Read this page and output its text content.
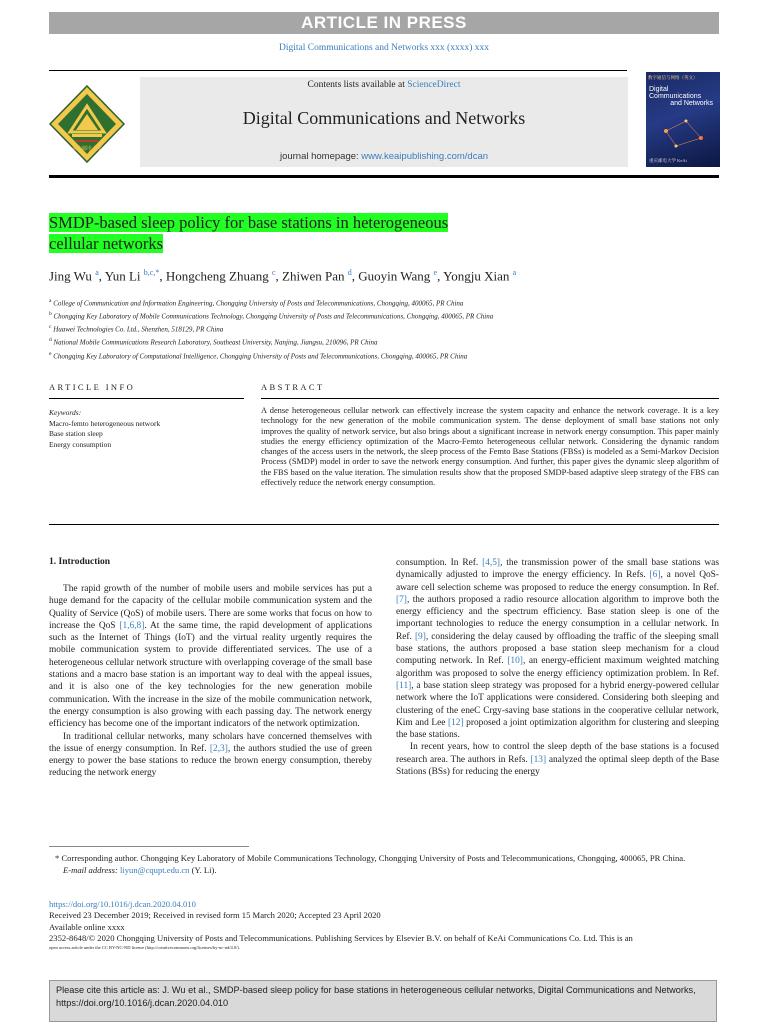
ARTICLE IN PRESS
Digital Communications and Networks xxx (xxxx) xxx
Contents lists available at ScienceDirect
Digital Communications and Networks
journal homepage: www.keaipublishing.com/dcan
重庆邮电大学
数字通信与网络（英文）
Digital Communications
and Networks
重庆邮电大学 KeAi
SMDP-based sleep policy for base stations in heterogeneous
cellular networks
Jing Wu $^a$, Yun Li $^{b,c,*}$, Hongcheng Zhuang $^c$, Zhiwen Pan $^d$, Guoyin Wang $^e$, Yongju Xian $^a$
$^a$ College of Communication and Information Engineering, Chongqing University of Posts and Telecommunications, Chongqing, 400065, PR China
$^b$ Chongqing Key Laboratory of Mobile Communications Technology, Chongqing University of Posts and Telecommunications, Chongqing, 400065, PR China
$^c$ Huawei Technologies Co. Ltd., Shenzhen, 518129, PR China
$^d$ National Mobile Communications Research Laboratory, Southeast University, Nanjing, Jiangsu, 210096, PR China
$^e$ Chongqing Key Laboratory of Computational Intelligence, Chongqing University of Posts and Telecommunications, Chongqing, 400065, PR China
ARTICLE INFO	ABSTRACT
Keywords:
Macro-femto heterogeneous network
Base station sleep
Energy consumption
A dense heterogeneous cellular network can effectively increase the system capacity and enhance the network coverage. It is a key technology for the new generation of the mobile communication system. The dense deployment of small base stations not only improves the quality of network service, but also brings about a significant increase in network energy consumption. This paper mainly studies the energy efficiency optimization of the Macro-Femto heterogeneous cellular network. Considering the dynamic random changes of the access users in the network, the sleep process of the Femto Base Stations (FBSs) is modeled as a Semi-Markov Decision Process (SMDP) model in order to save the network energy consumption. And further, this paper gives the dynamic sleep algorithm of the FBS based on the value iteration. The simulation results show that the proposed SMDP-based adaptive sleep strategy of the FBS can effectively reduce the network energy consumption.
1. Introduction

The rapid growth of the number of mobile users and mobile services has put a huge demand for the capacity of the cellular mobile communication system and the Quality of Service (QoS) of mobile users. There are some works that focus on how to increase the QoS [1,6,8]. At the same time, the rapid development of applications such as the Internet of Things (IoT) and the virtual reality urgently requires the mobile communication system to provide differentiated services. The use of a heterogeneous cellular network structure with overlapping coverage of the small base stations and a macro base station is an important way to deal with the appeal issues, and it is also one of the key technologies for the new generation mobile communication. With the increase in the size of the mobile communication network, the energy consumption is also growing with each passing day. The network energy efficiency has become one of the important indicators of the network optimization.

In traditional cellular networks, many scholars have concerned themselves with the issue of energy consumption. In Ref. [2,3], the authors studied the use of green energy to power the base stations to reduce the brown energy consumption, thereby reducing the network energy

consumption. In Ref. [4,5], the transmission power of the small base stations was dynamically adjusted to improve the energy efficiency. In Refs. [6], a novel QoS-aware cell selection scheme was proposed to reduce the energy consumption. In Ref. [7], the authors proposed a radio resource allocation algorithm to improve both the energy efficiency and the spectrum efficiency. Base station sleep is one of the important technologies to reduce the energy consumption in a cellular network. In Ref. [9], considering the delay caused by offloading the traffic of the sleeping small base stations, the authors proposed a base station sleep mechanism for a cloud computing network. In Ref. [10], an energy-efficient maximum weighted matching algorithm was proposed to solve the energy efficiency optimization problem. In Ref. [11], a base station sleep strategy was proposed for a hybrid energy-powered cellular network where the IoT applications were considered. Considering both sleeping and clustering of the eneC Crgy-saving base stations in the cooperative cellular network, Kim and Lee [12] proposed a joint optimization algorithm for clustering and sleeping the base stations.

In recent years, how to control the sleep depth of the base stations is a focused research area. The authors in Refs. [13] analyzed the optimal sleep depth of the Base Stations (BSs) for reducing the energy

* Corresponding author. Chongqing Key Laboratory of Mobile Communications Technology, Chongqing University of Posts and Telecommunications, Chongqing, 400065, PR China.
E-mail address: liyun@cqupt.edu.cn (Y. Li).
https://doi.org/10.1016/j.dcan.2020.04.010
Received 23 December 2019; Received in revised form 15 March 2020; Accepted 23 April 2020
Available online xxxx
2352-8648/© 2020 Chongqing University of Posts and Telecommunications. Publishing Services by Elsevier B.V. on behalf of KeAi Communications Co. Ltd. This is an
open access article under the CC BY-NC-ND license (http://creativecommons.org/licenses/by-nc-nd/4.0/).
Please cite this article as: J. Wu et al., SMDP-based sleep policy for base stations in heterogeneous cellular networks, Digital Communications and Networks, https://doi.org/10.1016/j.dcan.2020.04.010
